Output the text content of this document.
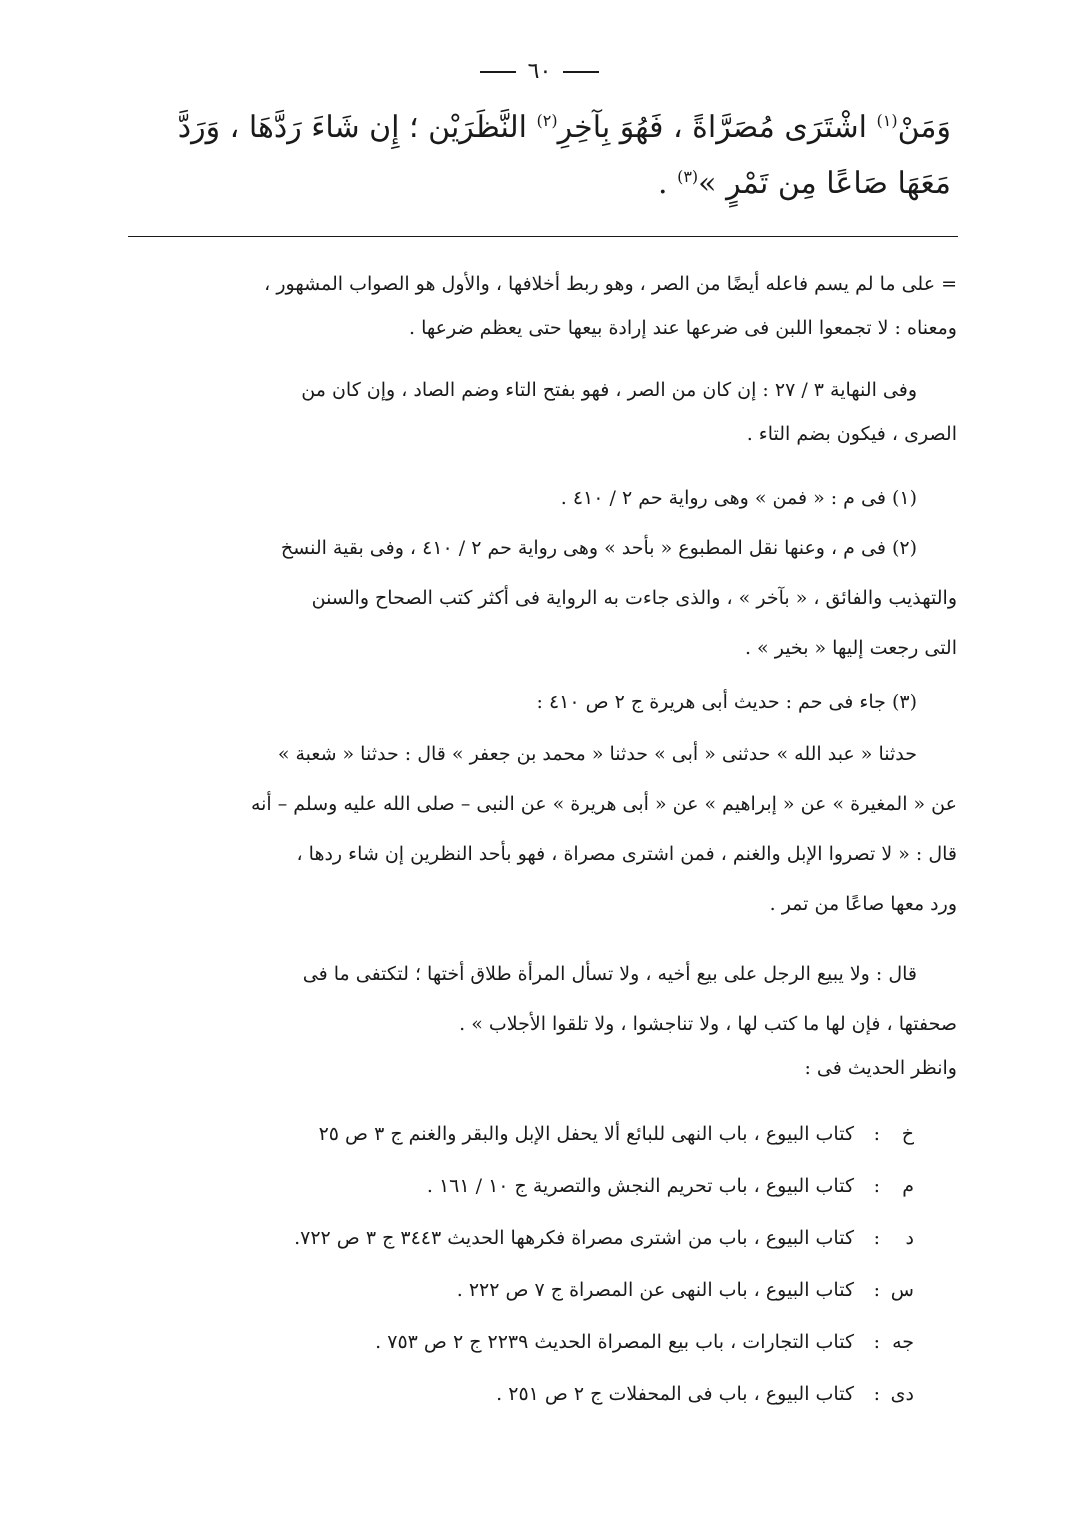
٦٠
وَمَنْ$^{(١)}$ اشْتَرَى مُصَرَّاةً ، فَهُوَ بِآخِرِ$^{(٢)}$ النَّظَرَيْن ؛ إِن شَاءَ رَدَّهَا ، وَرَدَّ
مَعَهَا صَاعًا مِن تَمْرٍ »$^{(٣)}$ .
= على ما لم يسم فاعله أيضًا من الصر ، وهو ربط أخلافها ، والأول هو الصواب المشهور ،
ومعناه : لا تجمعوا اللبن فى ضرعها عند إرادة بيعها حتى يعظم ضرعها .
وفى النهاية ٣ / ٢٧ : إن كان من الصر ، فهو بفتح التاء وضم الصاد ، وإن كان من
الصرى ، فيكون بضم التاء .
(١) فى م : « فمن » وهى رواية حم ٢ / ٤١٠ .
(٢) فى م ، وعنها نقل المطبوع « بأحد » وهى رواية حم ٢ / ٤١٠ ، وفى بقية النسخ
والتهذيب والفائق ، « بآخر » ، والذى جاءت به الرواية فى أكثر كتب الصحاح والسنن
التى رجعت إليها « بخير » .
(٣) جاء فى حم : حديث أبى هريرة ج ٢ ص ٤١٠ :
حدثنا « عبد الله » حدثنى « أبى » حدثنا « محمد بن جعفر » قال : حدثنا « شعبة »
عن « المغيرة » عن « إبراهيم » عن « أبى هريرة » عن النبى – صلى الله عليه وسلم – أنه
قال : « لا تصروا الإبل والغنم ، فمن اشترى مصراة ، فهو بأحد النظرين إن شاء ردها ،
ورد معها صاعًا من تمر .
قال : ولا يبيع الرجل على بيع أخيه ، ولا تسأل المرأة طلاق أختها ؛ لتكتفى ما فى
صحفتها ، فإن لها ما كتب لها ، ولا تناجشوا ، ولا تلقوا الأجلاب » .
وانظر الحديث فى :
خ:كتاب البيوع ، باب النهى للبائع ألا يحفل الإبل والبقر والغنم ج ٣ ص ٢٥
م:كتاب البيوع ، باب تحريم النجش والتصرية ج ١٠ / ١٦١ .
د:كتاب البيوع ، باب من اشترى مصراة فكرهها الحديث ٣٤٤٣ ج ٣ ص ٧٢٢.
س:كتاب البيوع ، باب النهى عن المصراة ج ٧ ص ٢٢٢ .
جه:كتاب التجارات ، باب بيع المصراة الحديث ٢٢٣٩ ج ٢ ص ٧٥٣ .
دى:كتاب البيوع ، باب فى المحفلات ج ٢ ص ٢٥١ .
